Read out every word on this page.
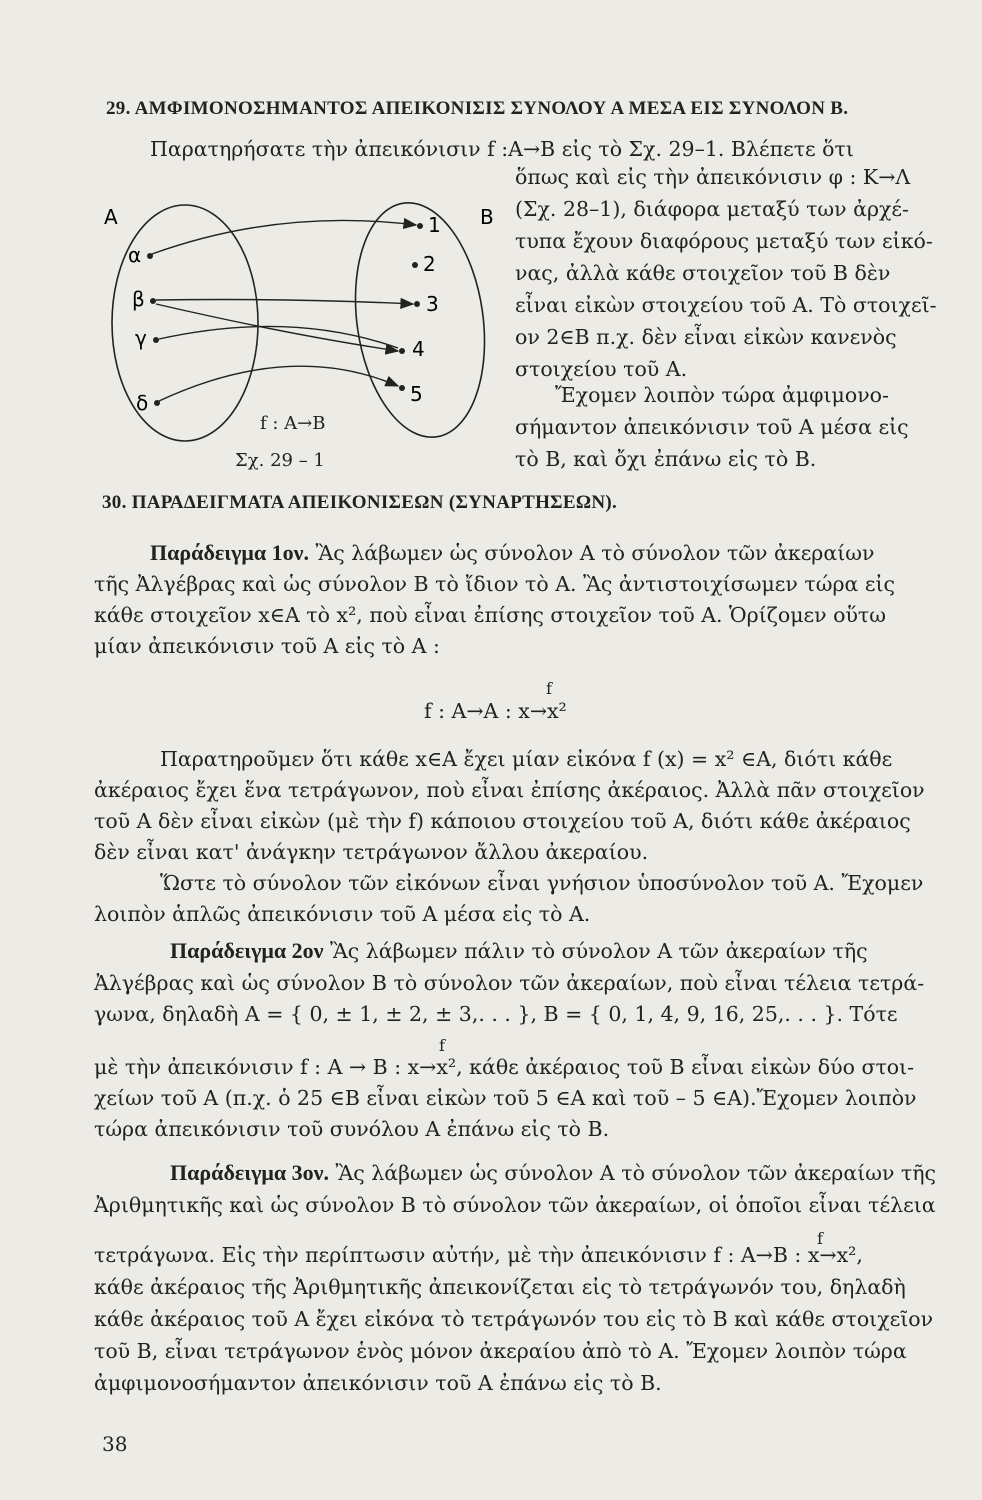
29. ΑΜΦΙΜΟΝΟΣΗΜΑΝΤΟΣ ΑΠΕΙΚΟΝΙΣΙΣ ΣΥΝΟΛΟΥ Α ΜΕΣΑ ΕΙΣ ΣΥΝΟΛΟΝ Β.
Παρατηρήσατε τὴν ἀπεικόνισιν f :Α→Β εἰς τὸ Σχ. 29–1. Βλέπετε ὅτι
Α	Β
α
β
γ
δ
1
2
3
4
5
f : Α→Β
Σχ. 29 – 1
ὅπως καὶ εἰς τὴν ἀπεικόνισιν φ : Κ→Λ
(Σχ. 28–1), διάφορα μεταξύ των ἀρχέ-
τυπα ἔχουν διαφόρους μεταξύ των εἰκό-
νας, ἀλλὰ κάθε στοιχεῖον τοῦ Β δὲν
εἶναι εἰκὼν στοιχείου τοῦ Α. Τὸ στοιχεῖ-
ον 2∈Β π.χ. δὲν εἶναι εἰκὼν κανενὸς
στοιχείου τοῦ Α.
Ἔχομεν λοιπὸν τώρα ἀμφιμονο-
σήμαντον ἀπεικόνισιν τοῦ Α μέσα εἰς
τὸ Β, καὶ ὄχι ἐπάνω εἰς τὸ Β.
30. ΠΑΡΑΔΕΙΓΜΑΤΑ ΑΠΕΙΚΟΝΙΣΕΩΝ (ΣΥΝΑΡΤΗΣΕΩΝ).
Παράδειγμα 1ον. Ἂς λάβωμεν ὡς σύνολον Α τὸ σύνολον τῶν ἀκεραίων
τῆς Ἀλγέβρας καὶ ὡς σύνολον Β τὸ ἴδιον τὸ Α. Ἂς ἀντιστοιχίσωμεν τώρα εἰς
κάθε στοιχεῖον x∈Α τὸ x², ποὺ εἶναι ἐπίσης στοιχεῖον τοῦ Α. Ὁρίζομεν οὕτω
μίαν ἀπεικόνισιν τοῦ Α εἰς τὸ Α :
f
f : Α→Α : x→x²
Παρατηροῦμεν ὅτι κάθε x∈Α ἔχει μίαν εἰκόνα f (x) = x² ∈Α, διότι κάθε
ἀκέραιος ἔχει ἕνα τετράγωνον, ποὺ εἶναι ἐπίσης ἀκέραιος. Ἀλλὰ πᾶν στοιχεῖον
τοῦ Α δὲν εἶναι εἰκὼν (μὲ τὴν f) κάποιου στοιχείου τοῦ Α, διότι κάθε ἀκέραιος
δὲν εἶναι κατ' ἀνάγκην τετράγωνον ἄλλου ἀκεραίου.
Ὥστε τὸ σύνολον τῶν εἰκόνων εἶναι γνήσιον ὑποσύνολον τοῦ Α. Ἔχομεν
λοιπὸν ἁπλῶς ἀπεικόνισιν τοῦ Α μέσα εἰς τὸ Α.
Παράδειγμα 2ον Ἂς λάβωμεν πάλιν τὸ σύνολον Α τῶν ἀκεραίων τῆς
Ἀλγέβρας καὶ ὡς σύνολον Β τὸ σύνολον τῶν ἀκεραίων, ποὺ εἶναι τέλεια τετρά-
γωνα, δηλαδὴ Α = { 0, ± 1, ± 2, ± 3,. . . }, Β = { 0, 1, 4, 9, 16, 25,. . . }. Τότε
f
μὲ τὴν ἀπεικόνισιν f : Α → Β : x→x², κάθε ἀκέραιος τοῦ Β εἶναι εἰκὼν δύο στοι-
χείων τοῦ Α (π.χ. ὁ 25 ∈Β εἶναι εἰκὼν τοῦ 5 ∈Α καὶ τοῦ – 5 ∈Α).Ἔχομεν λοιπὸν
τώρα ἀπεικόνισιν τοῦ συνόλου Α ἐπάνω εἰς τὸ Β.
Παράδειγμα 3ον. Ἂς λάβωμεν ὡς σύνολον Α τὸ σύνολον τῶν ἀκεραίων τῆς
Ἀριθμητικῆς καὶ ὡς σύνολον Β τὸ σύνολον τῶν ἀκεραίων, οἱ ὁποῖοι εἶναι τέλεια
f
τετράγωνα. Εἰς τὴν περίπτωσιν αὐτήν, μὲ τὴν ἀπεικόνισιν f : Α→Β : x→x²,
κάθε ἀκέραιος τῆς Ἀριθμητικῆς ἀπεικονίζεται εἰς τὸ τετράγωνόν του, δηλαδὴ
κάθε ἀκέραιος τοῦ Α ἔχει εἰκόνα τὸ τετράγωνόν του εἰς τὸ Β καὶ κάθε στοιχεῖον
τοῦ Β, εἶναι τετράγωνον ἑνὸς μόνον ἀκεραίου ἀπὸ τὸ Α. Ἔχομεν λοιπὸν τώρα
ἀμφιμονοσήμαντον ἀπεικόνισιν τοῦ Α ἐπάνω εἰς τὸ Β.
38
